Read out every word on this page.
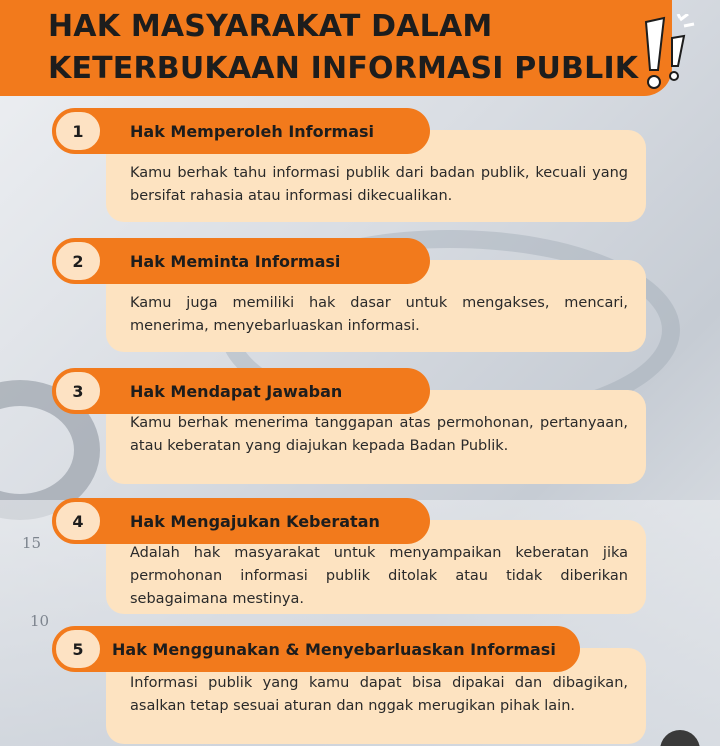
15
10
HAK MASYARAKAT DALAM
KETERBUKAAN INFORMASI PUBLIK
1	Hak Memperoleh Informasi
Kamu berhak tahu informasi publik dari badan publik, kecuali yang bersifat rahasia atau informasi dikecualikan.
2	Hak Meminta Informasi
Kamu juga memiliki hak dasar untuk mengakses, mencari, menerima, menyebarluaskan informasi.
3	Hak Mendapat Jawaban
Kamu berhak menerima tanggapan atas permohonan, pertanyaan, atau keberatan yang diajukan kepada Badan Publik.
4	Hak Mengajukan Keberatan
Adalah hak masyarakat untuk menyampaikan keberatan jika permohonan informasi publik ditolak atau tidak diberikan sebagaimana mestinya.
5	Hak Menggunakan & Menyebarluaskan Informasi
Informasi publik yang kamu dapat bisa dipakai dan dibagikan, asalkan tetap sesuai aturan dan nggak merugikan pihak lain.
